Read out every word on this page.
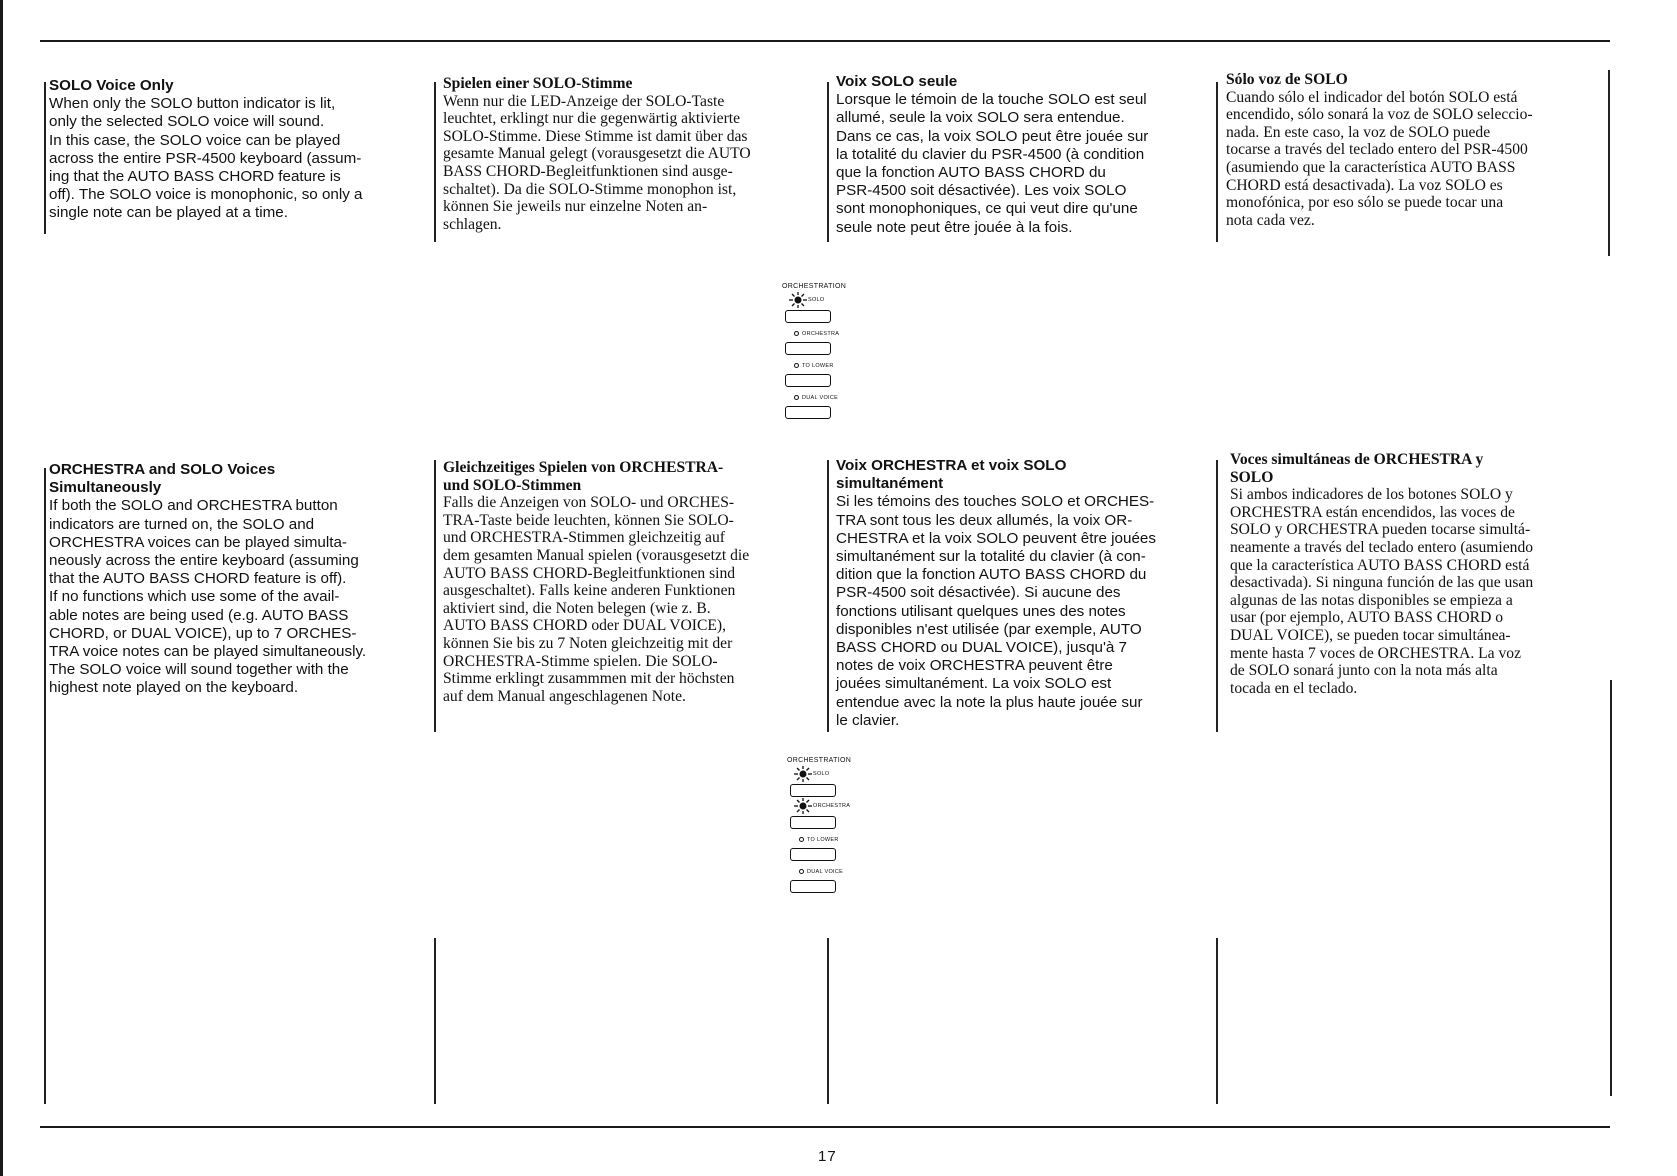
SOLO Voice Only

When only the SOLO button indicator is lit,
only the selected SOLO voice will sound.
In this case, the SOLO voice can be played
across the entire PSR-4500 keyboard (assum-
ing that the AUTO BASS CHORD feature is
off). The SOLO voice is monophonic, so only a
single note can be played at a time.

Spielen einer SOLO-Stimme

Wenn nur die LED-Anzeige der SOLO-Taste
leuchtet, erklingt nur die gegenwärtig aktivierte
SOLO-Stimme. Diese Stimme ist damit über das
gesamte Manual gelegt (vorausgesetzt die AUTO
BASS CHORD-Begleitfunktionen sind ausge-
schaltet). Da die SOLO-Stimme monophon ist,
können Sie jeweils nur einzelne Noten an-
schlagen.

Voix SOLO seule

Lorsque le témoin de la touche SOLO est seul
allumé, seule la voix SOLO sera entendue.
Dans ce cas, la voix SOLO peut être jouée sur
la totalité du clavier du PSR-4500 (à condition
que la fonction AUTO BASS CHORD du
PSR-4500 soit désactivée). Les voix SOLO
sont monophoniques, ce qui veut dire qu'une
seule note peut être jouée à la fois.

Sólo voz de SOLO

Cuando sólo el indicador del botón SOLO está
encendido, sólo sonará la voz de SOLO seleccio-
nada. En este caso, la voz de SOLO puede
tocarse a través del teclado entero del PSR-4500
(asumiendo que la característica AUTO BASS
CHORD está desactivada). La voz SOLO es
monofónica, por eso sólo se puede tocar una
nota cada vez.

ORCHESTRA and SOLO Voices
Simultaneously

If both the SOLO and ORCHESTRA button
indicators are turned on, the SOLO and
ORCHESTRA voices can be played simulta-
neously across the entire keyboard (assuming
that the AUTO BASS CHORD feature is off).
If no functions which use some of the avail-
able notes are being used (e.g. AUTO BASS
CHORD, or DUAL VOICE), up to 7 ORCHES-
TRA voice notes can be played simultaneously.
The SOLO voice will sound together with the
highest note played on the keyboard.

Gleichzeitiges Spielen von ORCHESTRA-
und SOLO-Stimmen

Falls die Anzeigen von SOLO- und ORCHES-
TRA-Taste beide leuchten, können Sie SOLO-
und ORCHESTRA-Stimmen gleichzeitig auf
dem gesamten Manual spielen (vorausgesetzt die
AUTO BASS CHORD-Begleitfunktionen sind
ausgeschaltet). Falls keine anderen Funktionen
aktiviert sind, die Noten belegen (wie z. B.
AUTO BASS CHORD oder DUAL VOICE),
können Sie bis zu 7 Noten gleichzeitig mit der
ORCHESTRA-Stimme spielen. Die SOLO-
Stimme erklingt zusammmen mit der höchsten
auf dem Manual angeschlagenen Note.

Voix ORCHESTRA et voix SOLO
simultanément

Si les témoins des touches SOLO et ORCHES-
TRA sont tous les deux allumés, la voix OR-
CHESTRA et la voix SOLO peuvent être jouées
simultanément sur la totalité du clavier (à con-
dition que la fonction AUTO BASS CHORD du
PSR-4500 soit désactivée). Si aucune des
fonctions utilisant quelques unes des notes
disponibles n'est utilisée (par exemple, AUTO
BASS CHORD ou DUAL VOICE), jusqu'à 7
notes de voix ORCHESTRA peuvent être
jouées simultanément. La voix SOLO est
entendue avec la note la plus haute jouée sur
le clavier.

Voces simultáneas de ORCHESTRA y
SOLO

Si ambos indicadores de los botones SOLO y
ORCHESTRA están encendidos, las voces de
SOLO y ORCHESTRA pueden tocarse simultá-
neamente a través del teclado entero (asumiendo
que la característica AUTO BASS CHORD está
desactivada). Si ninguna función de las que usan
algunas de las notas disponibles se empieza a
usar (por ejemplo, AUTO BASS CHORD o
DUAL VOICE), se pueden tocar simultánea-
mente hasta 7 voces de ORCHESTRA. La voz
de SOLO sonará junto con la nota más alta
tocada en el teclado.

ORCHESTRATION
SOLO
ORCHESTRA
TO LOWER
DUAL VOICE
ORCHESTRATION
SOLO
ORCHESTRA
TO LOWER
DUAL VOICE
17
